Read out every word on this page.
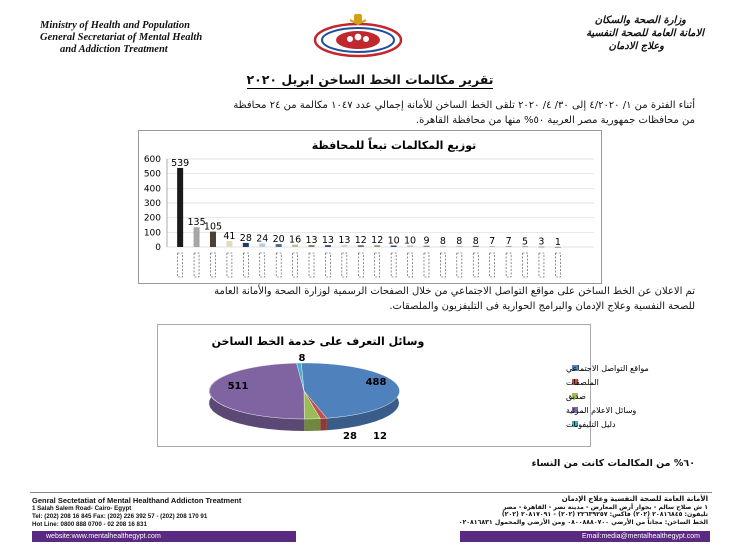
Ministry of Health and Population
General Secretariat of Mental Health
and Addiction Treatment
وزارة الصحة والسكان
الامانة العامة للصحة النفسية
وعلاج الادمان
تقرير مكالمات الخط الساخن ابريل ٢٠٢٠
أثناء الفترة من ١/ ٤/٢٠٢٠ إلى ٣٠/ ٤/ ٢٠٢٠ تلقى الخط الساخن للأمانة إجمالي عدد ١٠٤٧ مكالمة من ٢٤ محافظة
من محافظات جمهورية مصر العربية ٥٠% منها من محافظة القاهرة.
توزيع المكالمات تبعاً للمحافظة
0
100
200
300
400
500
600 539
135
105
41 28 24 20 16 13 13 13 12 12 10 10 9 8 8 8 7 7 5 3 1
تم الاعلان عن الخط الساخن على مواقع التواصل الاجتماعي من خلال الصفحات الرسمية لوزارة الصحة والأمانة العامة
للصحة النفسية وعلاج الإدمان والبرامج الحوارية فى التليفزيون والملصقات.
وسائل التعرف على خدمة الخط الساخن
488
12
28
511
8
مواقع التواصل الاجتماعي
الملصقات
صديق
وسائل الاعلام المرئية
دليل التليفونات
٦٠% من المكالمات كانت من النساء
Genral Sectetatiat of Mental Healthand Addicton Treatment
1 Salah Salem Road- Cairo- Egypt
Tel: (202) 208 16 845 Fax: (202) 226 392 57 - (202) 208 170 91
Hot Line: 0800 888 0700 - 02 208 16 831
الأمانة العامة للصحة النفسية وعلاج الإدمان
١ ش صلاح سالم - بجوار أرض المعارض - مدينة نصر - القاهرة - مصر
تليفون: ٢٠٨١٦٨٤٥ (٢٠٢) فاكس: ٢٢٦٣٩٢٥٧ (٢٠٢) - ٢٠٨١٧٠٩١ (٢٠٢)
الخط الساخن: مجاناً من الأرضي ٠٨٠٠٨٨٨٠٧٠٠ ومن الأرضي والمحمول ٠٢٠٨١٦٨٣١
website:www.mentalhealthegypt.com	Email:media@mentalhealthegypt.com
